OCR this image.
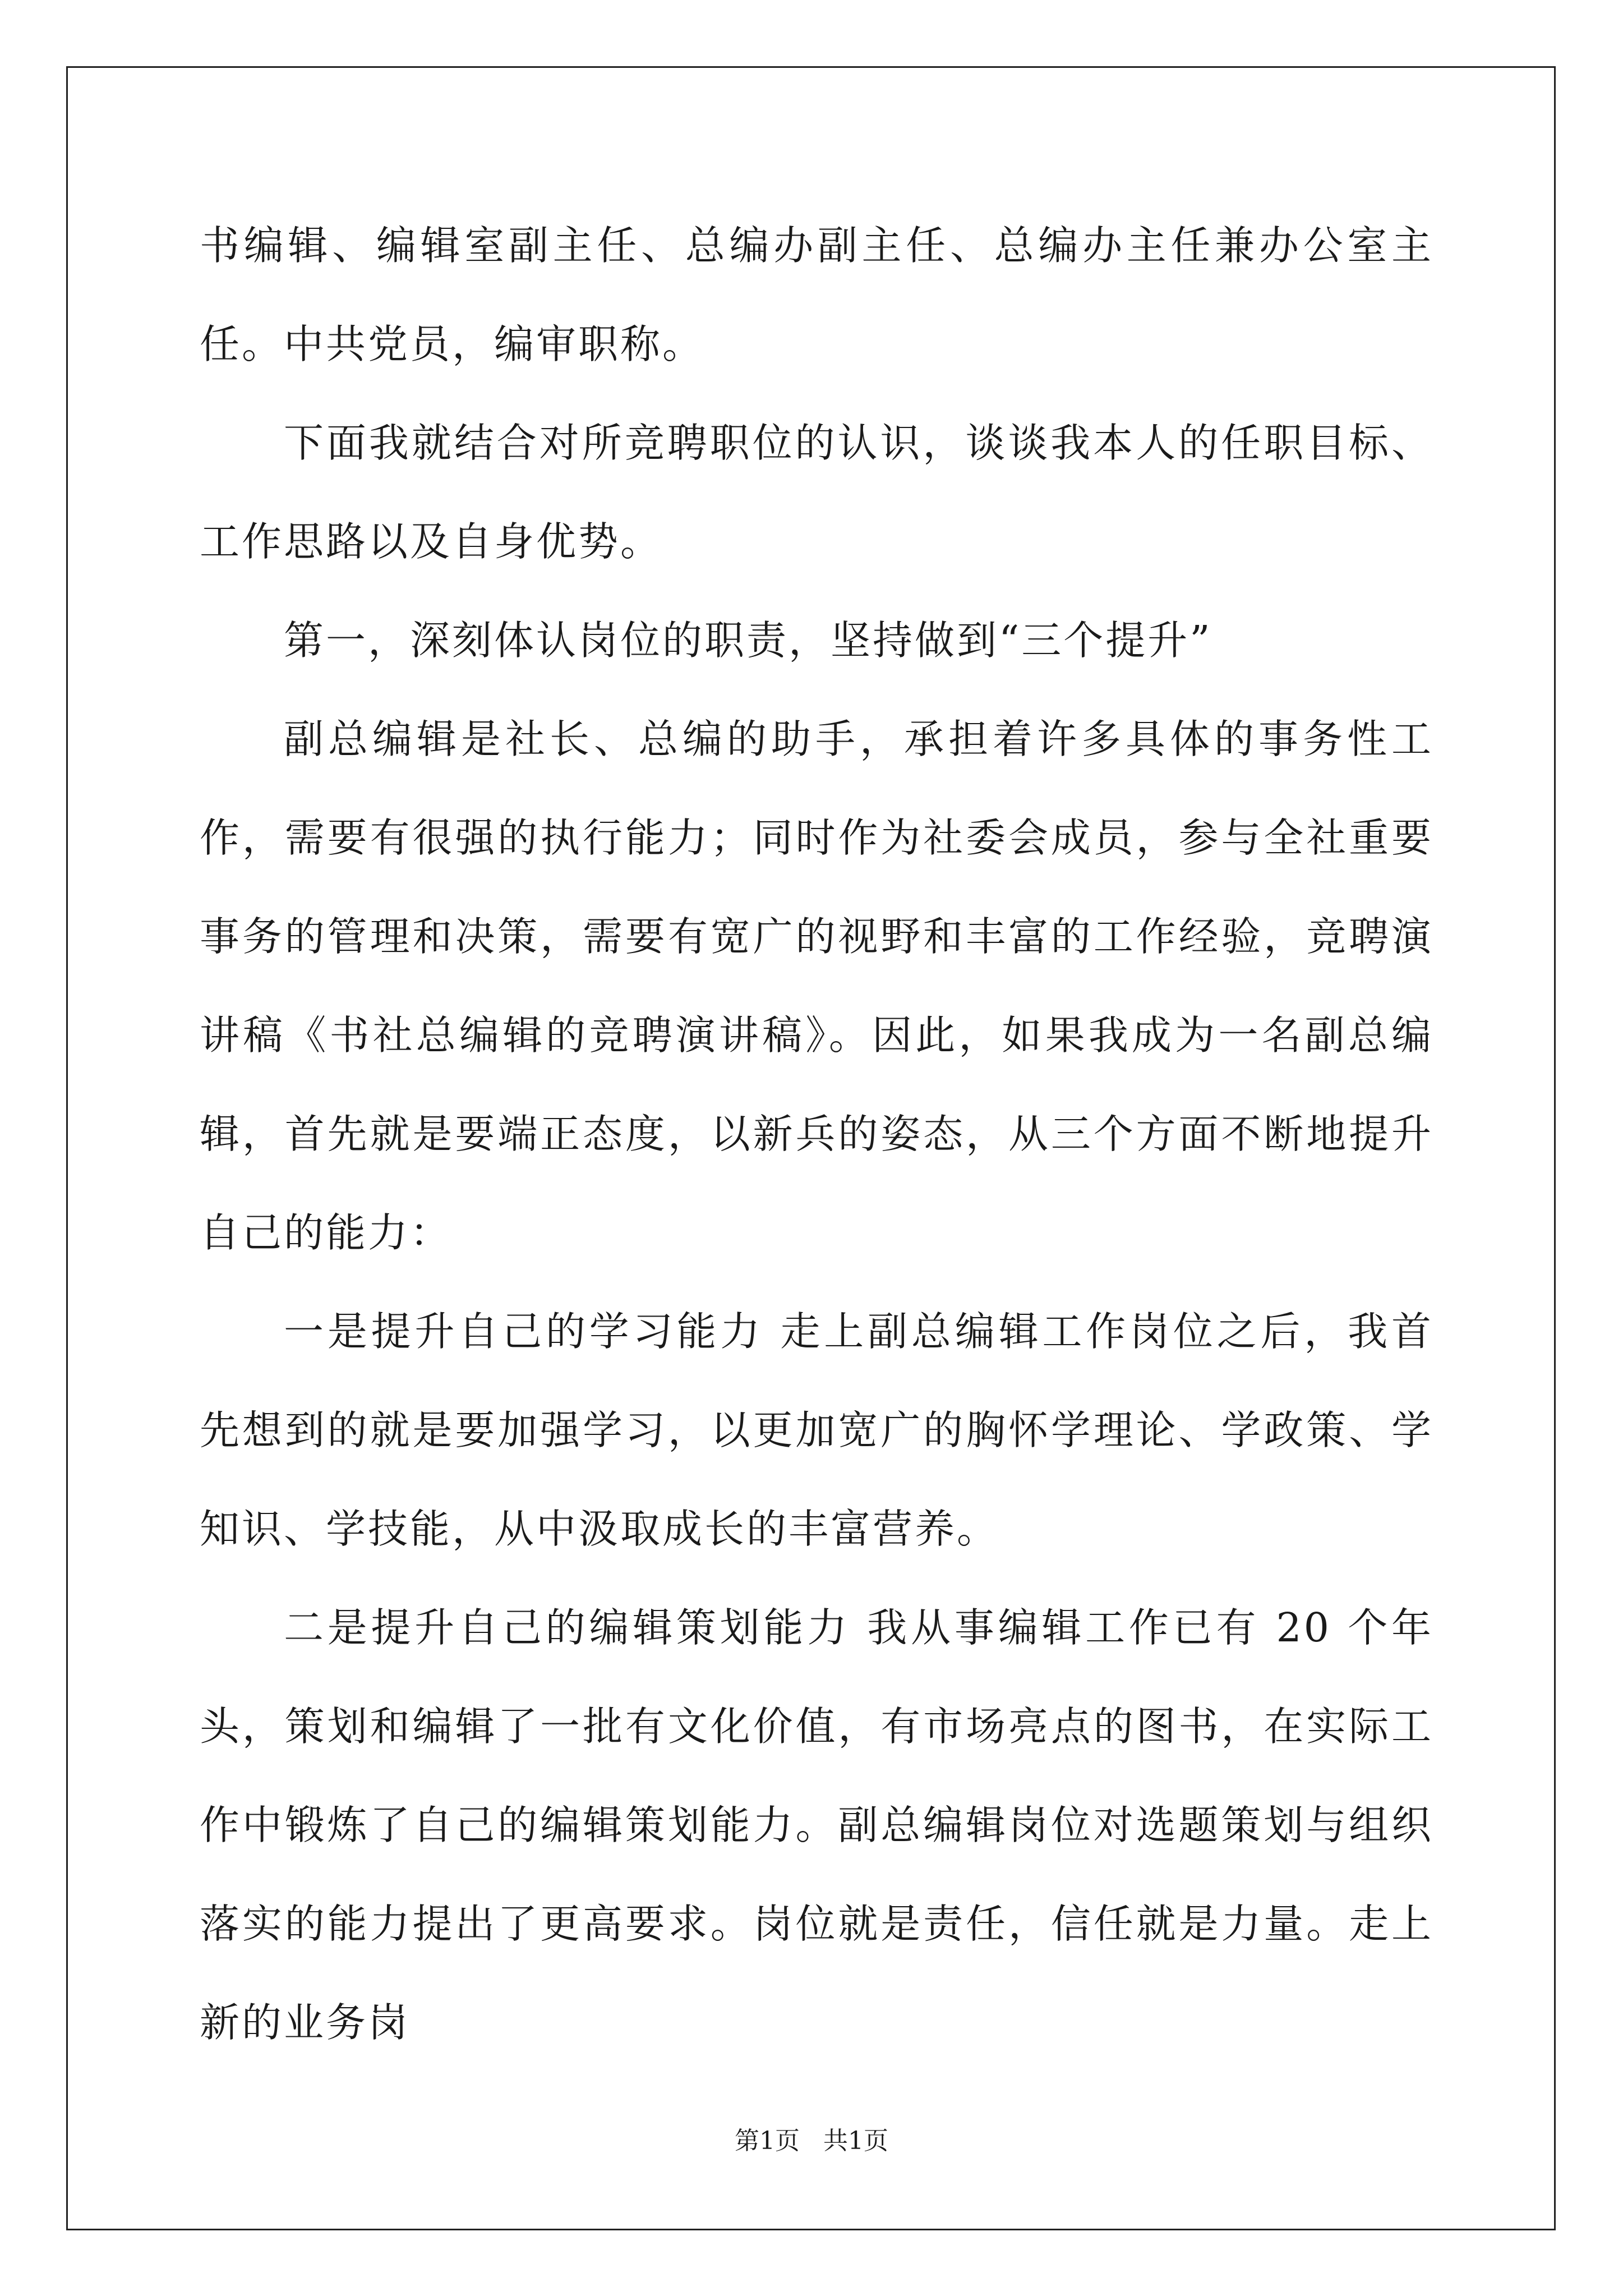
书编辑、编辑室副主任、总编办副主任、总编办主任兼办公室主任。中共党员，编审职称。

下面我就结合对所竞聘职位的认识，谈谈我本人的任职目标、工作思路以及自身优势。

第一，深刻体认岗位的职责，坚持做到“三个提升”

副总编辑是社长、总编的助手，承担着许多具体的事务性工作，需要有很强的执行能力；同时作为社委会成员，参与全社重要事务的管理和决策，需要有宽广的视野和丰富的工作经验，竞聘演讲稿《书社总编辑的竞聘演讲稿》。因此，如果我成为一名副总编辑，首先就是要端正态度，以新兵的姿态，从三个方面不断地提升自己的能力：

一是提升自己的学习能力 走上副总编辑工作岗位之后，我首先想到的就是要加强学习，以更加宽广的胸怀学理论、学政策、学知识、学技能，从中汲取成长的丰富营养。

二是提升自己的编辑策划能力 我从事编辑工作已有 20 个年头，策划和编辑了一批有文化价值，有市场亮点的图书，在实际工作中锻炼了自己的编辑策划能力。副总编辑岗位对选题策划与组织落实的能力提出了更高要求。岗位就是责任，信任就是力量。走上新的业务岗

第1页   共1页
